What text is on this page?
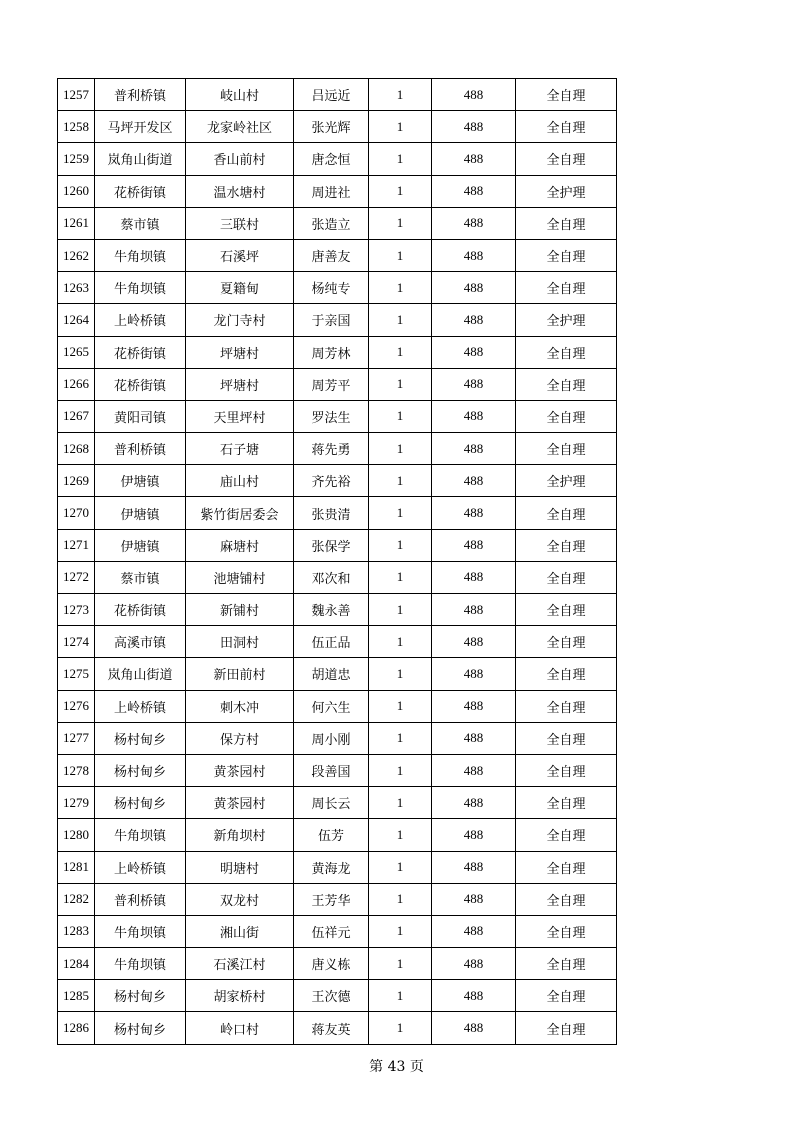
1257	普利桥镇	岐山村	吕远近	1	488	全自理
1258	马坪开发区	龙家岭社区	张光辉	1	488	全自理
1259	岚角山街道	香山前村	唐念恒	1	488	全自理
1260	花桥街镇	温水塘村	周进社	1	488	全护理
1261	蔡市镇	三联村	张造立	1	488	全自理
1262	牛角坝镇	石溪坪	唐善友	1	488	全自理
1263	牛角坝镇	夏籍甸	杨纯专	1	488	全自理
1264	上岭桥镇	龙门寺村	于亲国	1	488	全护理
1265	花桥街镇	坪塘村	周芳林	1	488	全自理
1266	花桥街镇	坪塘村	周芳平	1	488	全自理
1267	黄阳司镇	天里坪村	罗法生	1	488	全自理
1268	普利桥镇	石子塘	蒋先勇	1	488	全自理
1269	伊塘镇	庙山村	齐先裕	1	488	全护理
1270	伊塘镇	紫竹街居委会	张贵清	1	488	全自理
1271	伊塘镇	麻塘村	张保学	1	488	全自理
1272	蔡市镇	池塘铺村	邓次和	1	488	全自理
1273	花桥街镇	新铺村	魏永善	1	488	全自理
1274	高溪市镇	田洞村	伍正品	1	488	全自理
1275	岚角山街道	新田前村	胡道忠	1	488	全自理
1276	上岭桥镇	刺木冲	何六生	1	488	全自理
1277	杨村甸乡	保方村	周小刚	1	488	全自理
1278	杨村甸乡	黄茶园村	段善国	1	488	全自理
1279	杨村甸乡	黄茶园村	周长云	1	488	全自理
1280	牛角坝镇	新角坝村	伍芳	1	488	全自理
1281	上岭桥镇	明塘村	黄海龙	1	488	全自理
1282	普利桥镇	双龙村	王芳华	1	488	全自理
1283	牛角坝镇	湘山街	伍祥元	1	488	全自理
1284	牛角坝镇	石溪江村	唐义栋	1	488	全自理
1285	杨村甸乡	胡家桥村	王次德	1	488	全自理
1286	杨村甸乡	岭口村	蒋友英	1	488	全自理
第 43 页
